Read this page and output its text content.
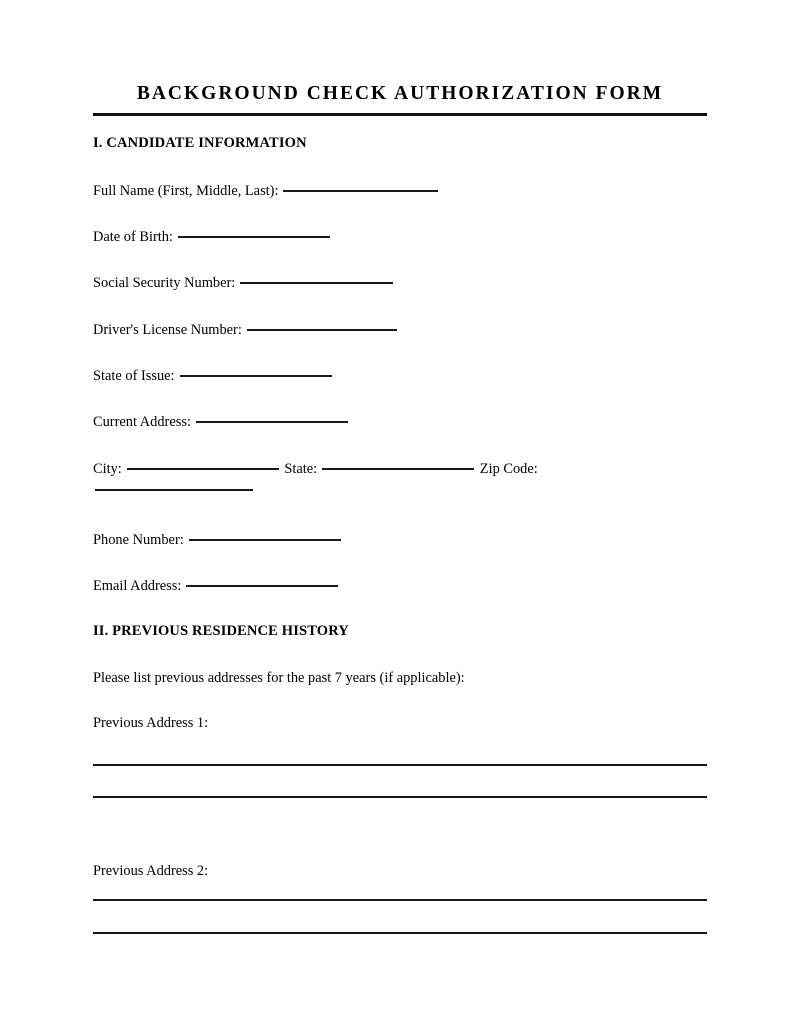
BACKGROUND CHECK AUTHORIZATION FORM
I. CANDIDATE INFORMATION
Full Name (First, Middle, Last):
Date of Birth:
Social Security Number:
Driver's License Number:
State of Issue:
Current Address:
City:	State:	Zip Code:
Phone Number:
Email Address:
II. PREVIOUS RESIDENCE HISTORY
Please list previous addresses for the past 7 years (if applicable):
Previous Address 1:
Previous Address 2:
